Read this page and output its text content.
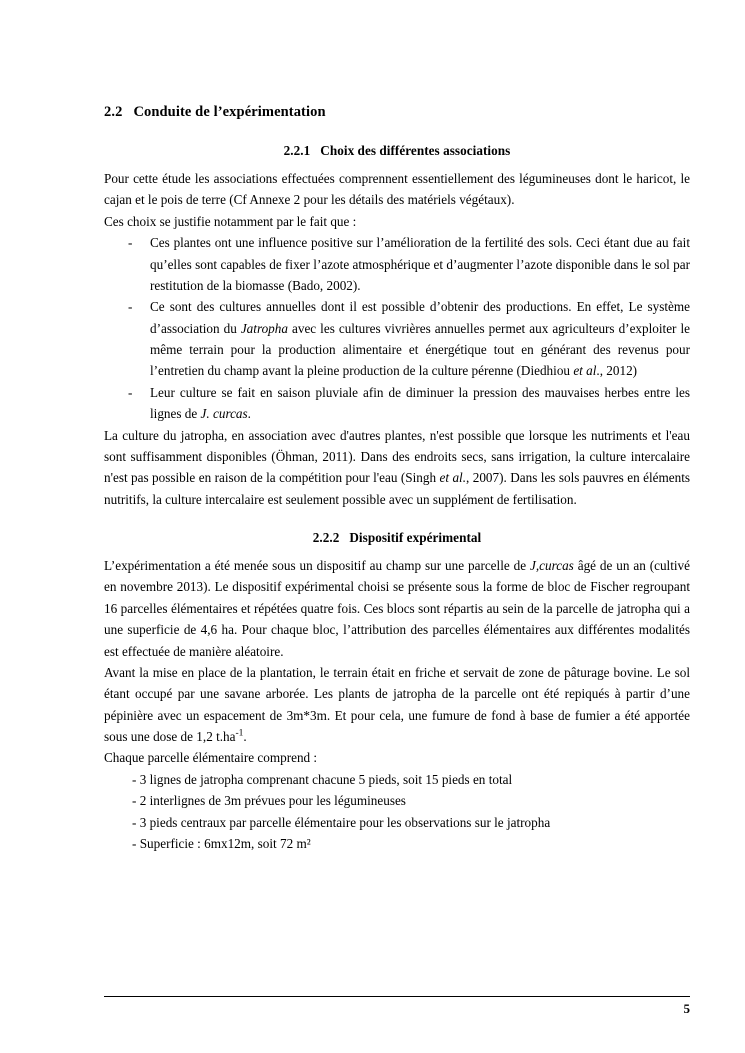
2.2 Conduite de l’expérimentation
2.2.1 Choix des différentes associations

Pour cette étude les associations effectuées comprennent essentiellement des légumineuses dont le haricot, le cajan et le pois de terre (Cf Annexe 2 pour les détails des matériels végétaux).

Ces choix se justifie notamment par le fait que :

- Ces plantes ont une influence positive sur l’amélioration de la fertilité des sols. Ceci étant due au fait qu’elles sont capables de fixer l’azote atmosphérique et d’augmenter l’azote disponible dans le sol par restitution de la biomasse (Bado, 2002).
- Ce sont des cultures annuelles dont il est possible d’obtenir des productions. En effet, Le système d’association du Jatropha avec les cultures vivrières annuelles permet aux agriculteurs d’exploiter le même terrain pour la production alimentaire et énergétique tout en générant des revenus pour l’entretien du champ avant la pleine production de la culture pérenne (Diedhiou et al., 2012)
- Leur culture se fait en saison pluviale afin de diminuer la pression des mauvaises herbes entre les lignes de J. curcas.

La culture du jatropha, en association avec d'autres plantes, n'est possible que lorsque les nutriments et l'eau sont suffisamment disponibles (Öhman, 2011). Dans des endroits secs, sans irrigation, la culture intercalaire n'est pas possible en raison de la compétition pour l'eau (Singh et al., 2007). Dans les sols pauvres en éléments nutritifs, la culture intercalaire est seulement possible avec un supplément de fertilisation.

2.2.2 Dispositif expérimental

L’expérimentation a été menée sous un dispositif au champ sur une parcelle de J,curcas âgé de un an (cultivé en novembre 2013). Le dispositif expérimental choisi se présente sous la forme de bloc de Fischer regroupant 16 parcelles élémentaires et répétées quatre fois. Ces blocs sont répartis au sein de la parcelle de jatropha qui a une superficie de 4,6 ha. Pour chaque bloc, l’attribution des parcelles élémentaires aux différentes modalités est effectuée de manière aléatoire.

Avant la mise en place de la plantation, le terrain était en friche et servait de zone de pâturage bovine. Le sol étant occupé par une savane arborée. Les plants de jatropha de la parcelle ont été repiqués à partir d’une pépinière avec un espacement de 3m*3m. Et pour cela, une fumure de fond à base de fumier a été apportée sous une dose de 1,2 $t.ha^{-1}$.

Chaque parcelle élémentaire comprend :

- 3 lignes de jatropha comprenant chacune 5 pieds, soit 15 pieds en total
- 2 interlignes de 3m prévues pour les légumineuses
- 3 pieds centraux par parcelle élémentaire pour les observations sur le jatropha
- Superficie : 6mx12m, soit 72 m²
5
